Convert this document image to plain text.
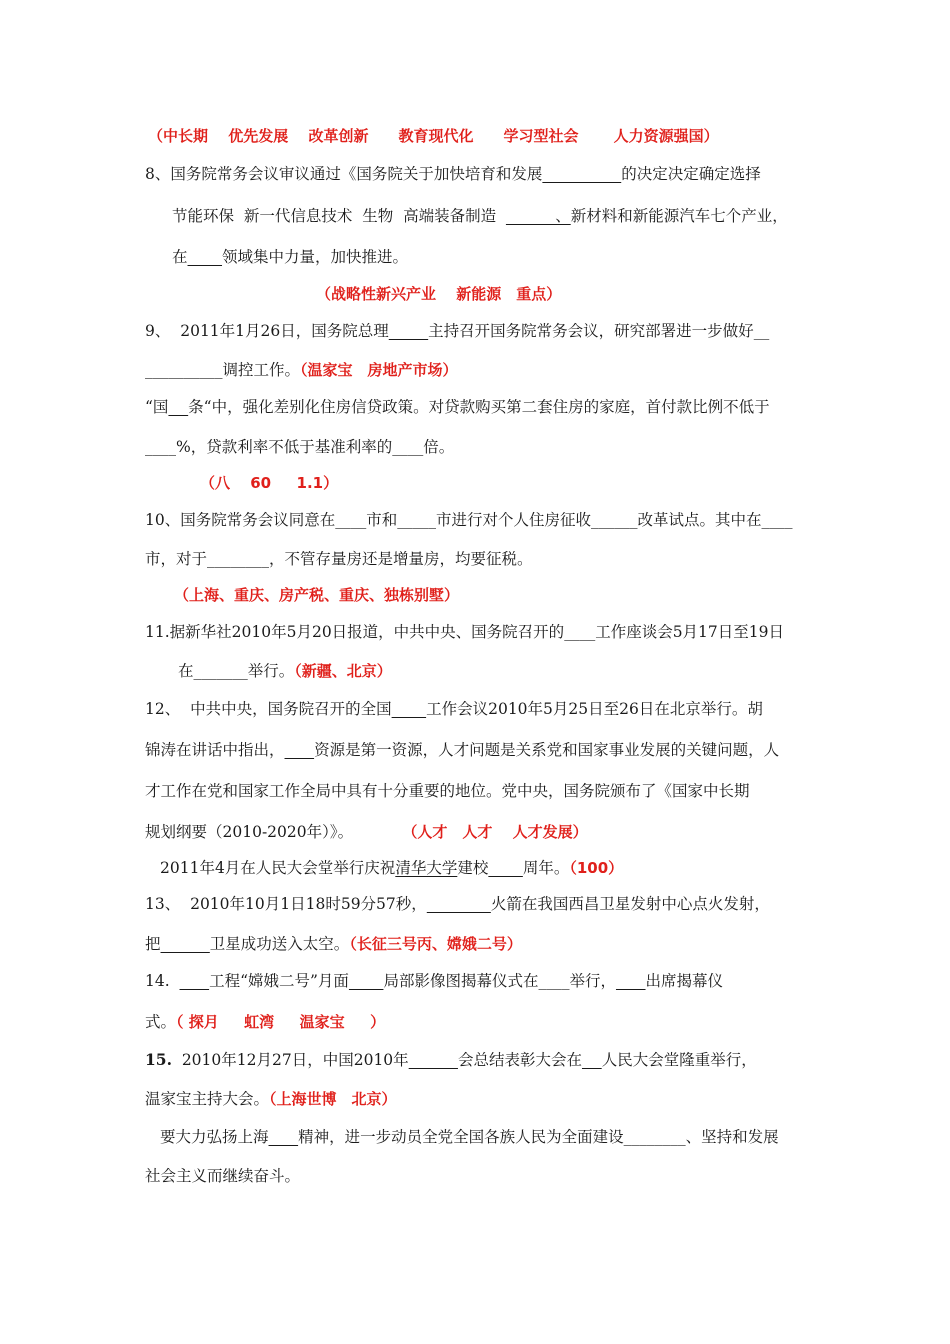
（中长期　 优先发展 　改革创新　　教育现代化　　学习型社会　　 人力资源强国）
8、国务院常务会议审议通过《国务院关于加快培育和发展	的决定决定确定选择
节能环保  新一代信息技术  生物  高端装备制造            、新材料和新能源汽车七个产业，
在 领域集中力量，加快推进。
（战略性新兴产业　 新能源　重点）
9、  2011年1月26日，国务院总理	主持召开国务院常务会议，研究部署进一步做好__
__________调控工作。（温家宝　房地产市场）
“国 条“中，强化差别化住房信贷政策。对贷款购买第二套住房的家庭，首付款比例不低于
____%，贷款利率不低于基准利率的____倍。
（八　 60 　 1.1）
10、国务院常务会议同意在____市和_____市进行对个人住房征收______改革试点。其中在____
市，对于________，不管存量房还是增量房，均要征税。
（上海、重庆、房产税、重庆、独栋别墅）
11.据新华社2010年5月20日报道，中共中央、国务院召开的____工作座谈会5月17日至19日
在_______举行。（新疆、北京）
12、  中共中央，国务院召开的全国 工作会议2010年5月25日至26日在北京举行。胡
锦涛在讲话中指出， 资源是第一资源，人才问题是关系党和国家事业发展的关键问题，人
才工作在党和国家工作全局中具有十分重要的地位。党中央，国务院颁布了《国家中长期
规划纲要（2010-2020年）》。	（人才　人才 　人才发展）
2011年4月在人民大会堂举行庆祝清华大学建校 周年。（100）
13、  2010年10月1日18时59分57秒，	火箭在我国西昌卫星发射中心点火发射，
把	卫星成功送入太空。（长征三号丙、嫦娥二号）
14.        工程“嫦娥二号”月面 局部影像图揭幕仪式在____举行， 出席揭幕仪
式。（ 探月 　 虹湾 　 温家宝 　 ）
15.  2010年12月27日，中国2010年	会总结表彰大会在 人民大会堂隆重举行，
温家宝主持大会。（上海世博　北京）
要大力弘扬上海 精神，进一步动员全党全国各族人民为全面建设________、坚持和发展
社会主义而继续奋斗。
